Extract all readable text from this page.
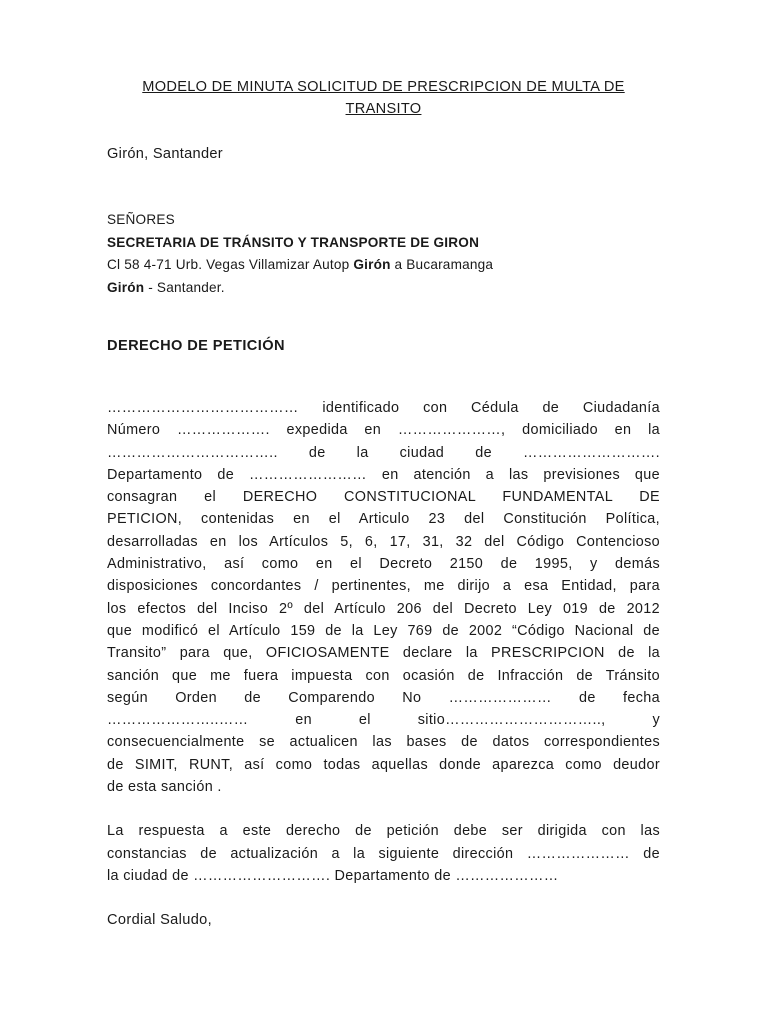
MODELO DE MINUTA SOLICITUD DE PRESCRIPCION DE MULTA DE
TRANSITO
Girón, Santander
SEÑORES
SECRETARIA DE TRÁNSITO Y TRANSPORTE DE GIRON
Cl 58 4-71 Urb. Vegas Villamizar Autop Girón a Bucaramanga
Girón - Santander.
DERECHO DE PETICIÓN
………………………………… identificado con Cédula de Ciudadanía
Número ………………. expedida en …………………, domiciliado en la
…………………………….. de la ciudad de ……………………….
Departamento de …………………… en atención a las previsiones que
consagran el DERECHO CONSTITUCIONAL FUNDAMENTAL DE
PETICION, contenidas en el Articulo 23 del Constitución Política,
desarrolladas en los Artículos 5, 6, 17, 31, 32 del Código Contencioso
Administrativo, así como en el Decreto 2150 de 1995, y demás
disposiciones concordantes / pertinentes, me dirijo a esa Entidad, para
los efectos del Inciso 2º del Artículo 206 del Decreto Ley 019 de 2012
que modificó el Artículo 159 de la Ley 769 de 2002 “Código Nacional de
Transito” para que, OFICIOSAMENTE declare la PRESCRIPCION de la
sanción que me fuera impuesta con ocasión de Infracción de Tránsito
según Orden de Comparendo No ………………… de fecha
…………………..…… en el sitio………………………….., y
consecuencialmente se actualicen las bases de datos correspondientes
de SIMIT, RUNT, así como todas aquellas donde aparezca como deudor
de esta sanción .
La respuesta a este derecho de petición debe ser dirigida con las
constancias de actualización a la siguiente dirección ………………… de
la ciudad de ………………………. Departamento de …………………
Cordial Saludo,
